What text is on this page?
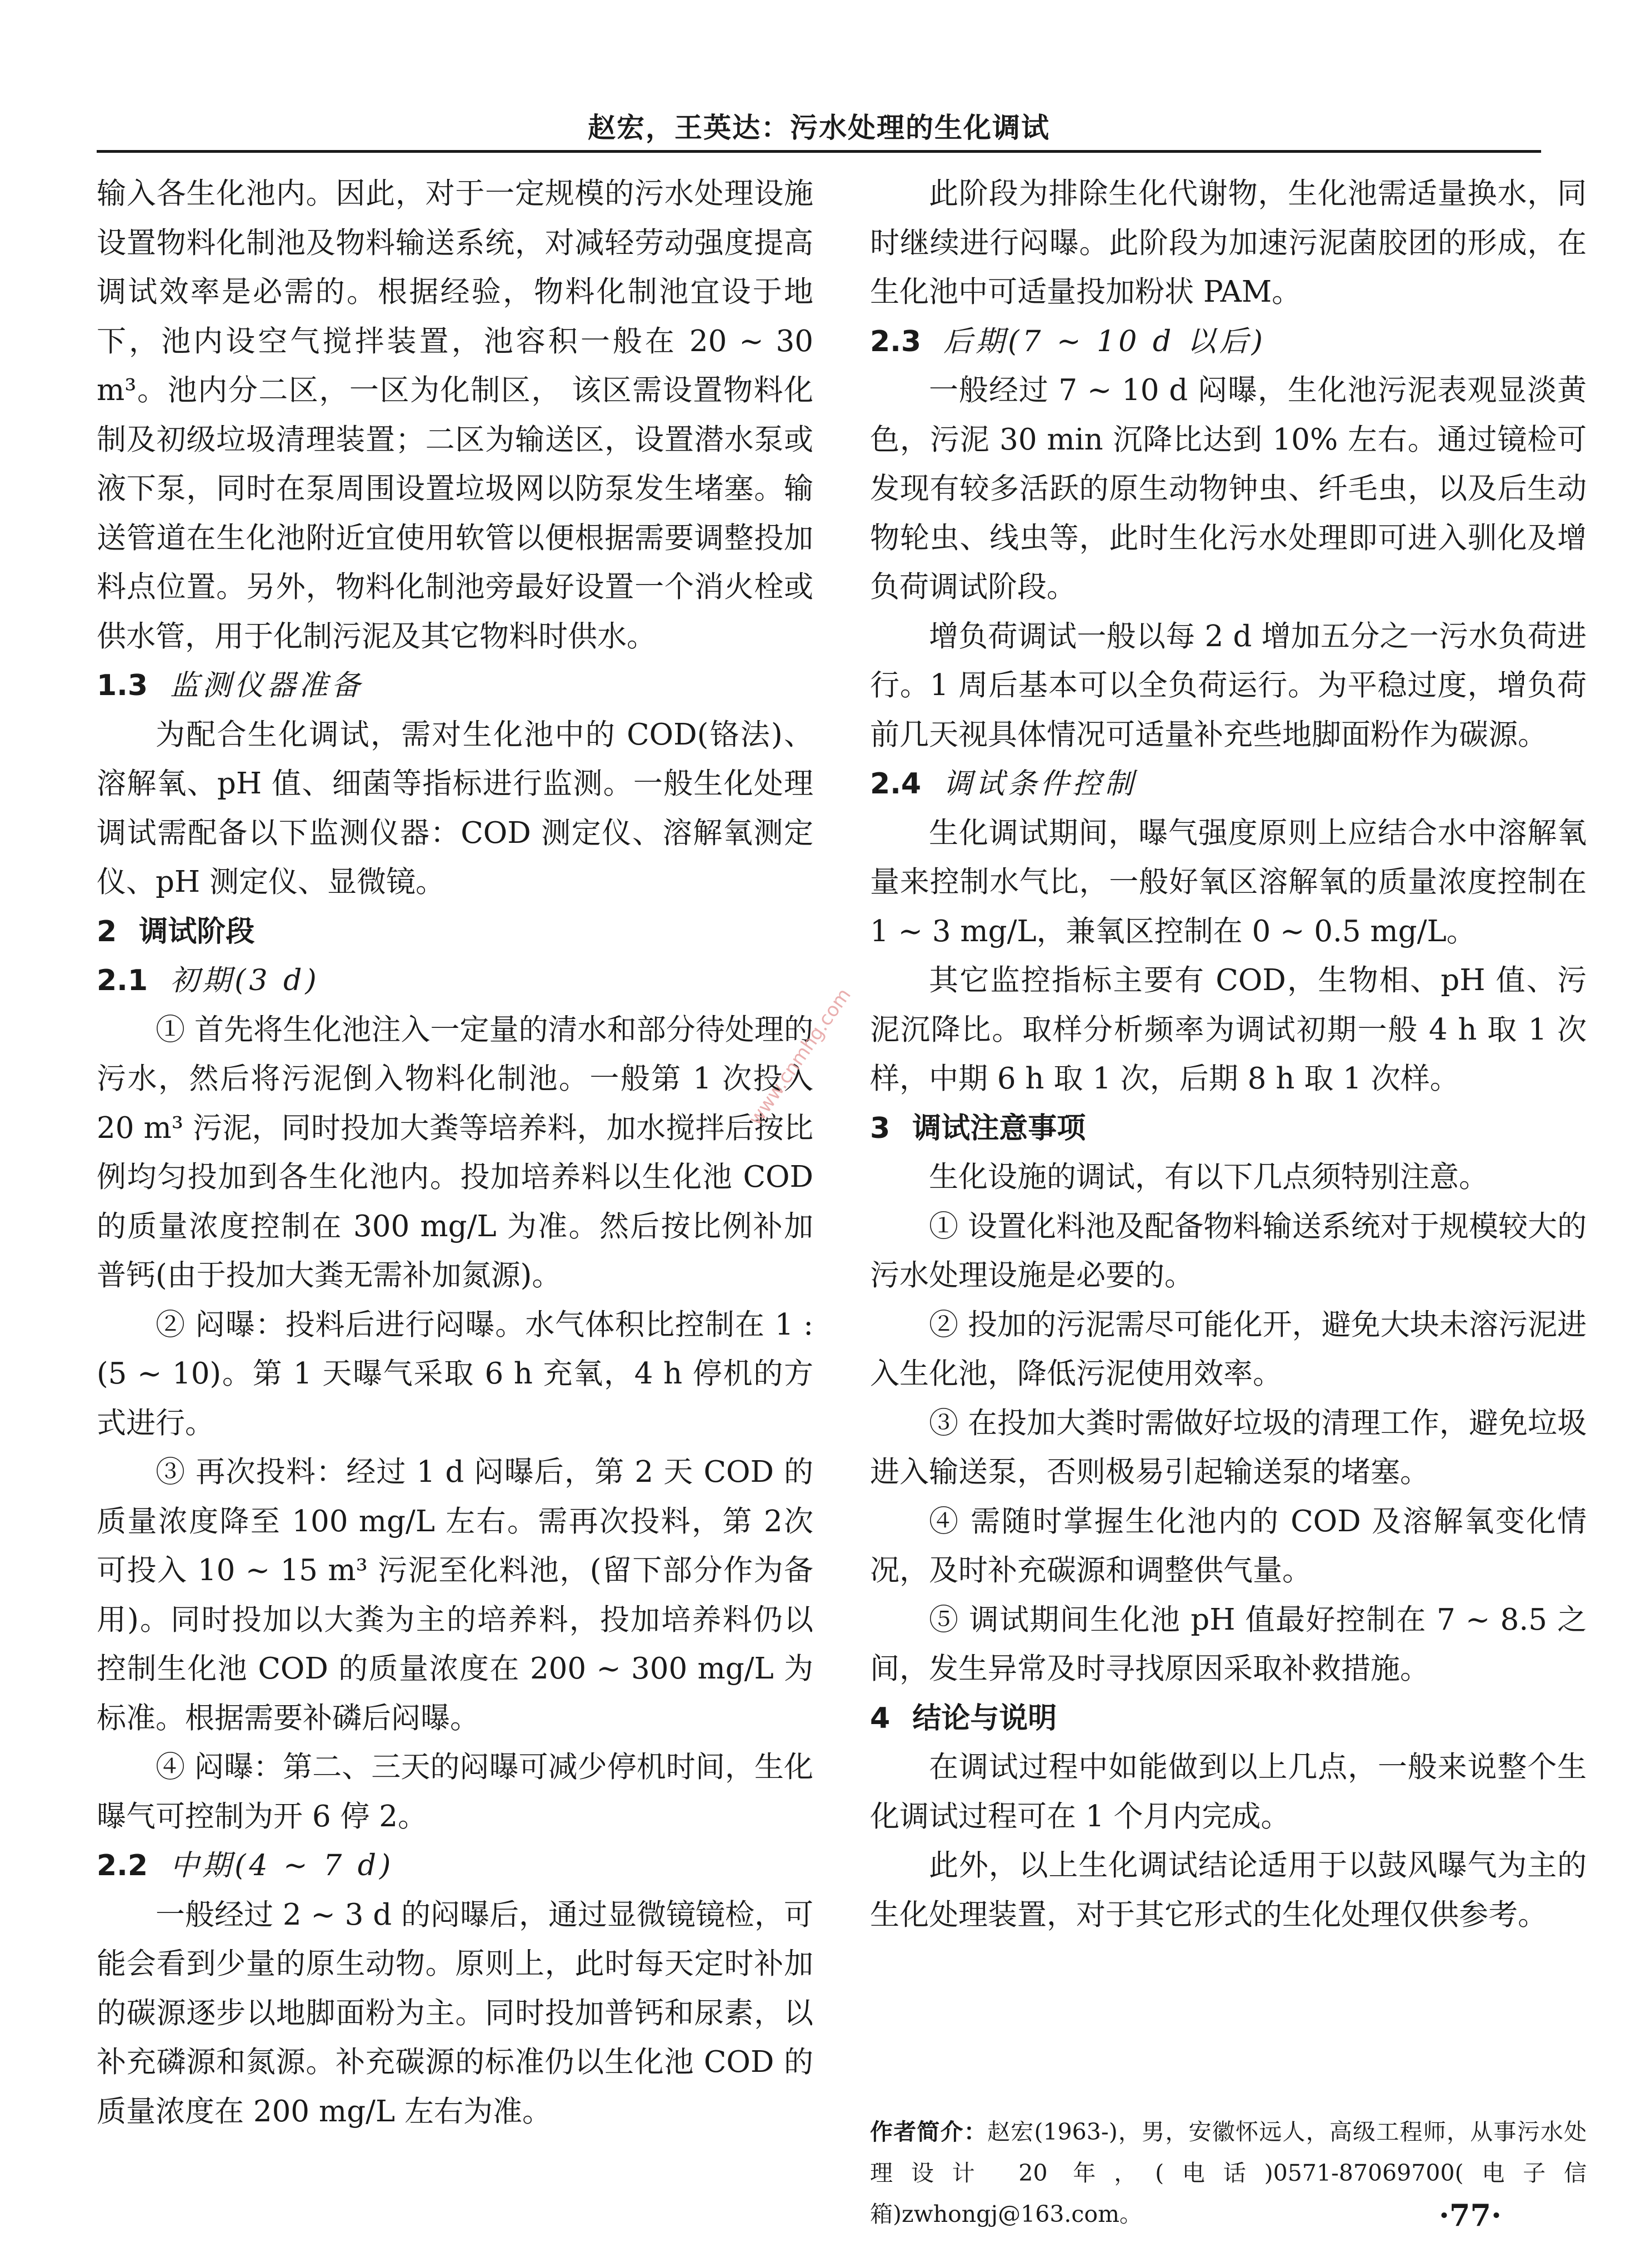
赵宏，王英达：污水处理的生化调试

输入各生化池内。因此，对于一定规模的污水处理设施设置物料化制池及物料输送系统，对减轻劳动强度提高调试效率是必需的。根据经验，物料化制池宜设于地下，池内设空气搅拌装置，池容积一般在 20 ~ 30 m³。池内分二区，一区为化制区， 该区需设置物料化制及初级垃圾清理装置；二区为输送区，设置潜水泵或液下泵，同时在泵周围设置垃圾网以防泵发生堵塞。输送管道在生化池附近宜使用软管以便根据需要调整投加料点位置。另外，物料化制池旁最好设置一个消火栓或供水管，用于化制污泥及其它物料时供水。

1.3 监测仪器准备

为配合生化调试，需对生化池中的 COD(铬法)、溶解氧、pH 值、细菌等指标进行监测。一般生化处理调试需配备以下监测仪器：COD 测定仪、溶解氧测定仪、pH 测定仪、显微镜。

2 调试阶段

2.1 初期(3 d)

① 首先将生化池注入一定量的清水和部分待处理的污水，然后将污泥倒入物料化制池。一般第 1 次投入 20 m³ 污泥，同时投加大粪等培养料，加水搅拌后按比例均匀投加到各生化池内。投加培养料以生化池 COD 的质量浓度控制在 300 mg/L 为准。然后按比例补加普钙(由于投加大粪无需补加氮源)。

② 闷曝：投料后进行闷曝。水气体积比控制在 1 : (5 ~ 10)。第 1 天曝气采取 6 h 充氧，4 h 停机的方式进行。

③ 再次投料：经过 1 d 闷曝后，第 2 天 COD 的质量浓度降至 100 mg/L 左右。需再次投料，第 2次可投入 10 ~ 15 m³ 污泥至化料池，(留下部分作为备用)。同时投加以大粪为主的培养料，投加培养料仍以控制生化池 COD 的质量浓度在 200 ~ 300 mg/L 为标准。根据需要补磷后闷曝。

④ 闷曝：第二、三天的闷曝可减少停机时间，生化曝气可控制为开 6 停 2。

2.2 中期(4 ~ 7 d)

一般经过 2 ~ 3 d 的闷曝后，通过显微镜镜检，可能会看到少量的原生动物。原则上，此时每天定时补加的碳源逐步以地脚面粉为主。同时投加普钙和尿素，以补充磷源和氮源。补充碳源的标准仍以生化池 COD 的质量浓度在 200 mg/L 左右为准。

此阶段为排除生化代谢物，生化池需适量换水，同时继续进行闷曝。此阶段为加速污泥菌胶团的形成，在生化池中可适量投加粉状 PAM。

2.3 后期(7 ~ 10 d 以后)

一般经过 7 ~ 10 d 闷曝，生化池污泥表观显淡黄色，污泥 30 min 沉降比达到 10% 左右。通过镜检可发现有较多活跃的原生动物钟虫、纤毛虫，以及后生动物轮虫、线虫等，此时生化污水处理即可进入驯化及增负荷调试阶段。

增负荷调试一般以每 2 d 增加五分之一污水负荷进行。1 周后基本可以全负荷运行。为平稳过度，增负荷前几天视具体情况可适量补充些地脚面粉作为碳源。

2.4 调试条件控制

生化调试期间，曝气强度原则上应结合水中溶解氧量来控制水气比，一般好氧区溶解氧的质量浓度控制在 1 ~ 3 mg/L，兼氧区控制在 0 ~ 0.5 mg/L。

其它监控指标主要有 COD，生物相、pH 值、污泥沉降比。取样分析频率为调试初期一般 4 h 取 1 次样，中期 6 h 取 1 次，后期 8 h 取 1 次样。

3 调试注意事项

生化设施的调试，有以下几点须特别注意。

① 设置化料池及配备物料输送系统对于规模较大的污水处理设施是必要的。

② 投加的污泥需尽可能化开，避免大块未溶污泥进入生化池，降低污泥使用效率。

③ 在投加大粪时需做好垃圾的清理工作，避免垃圾进入输送泵，否则极易引起输送泵的堵塞。

④ 需随时掌握生化池内的 COD 及溶解氧变化情况，及时补充碳源和调整供气量。

⑤ 调试期间生化池 pH 值最好控制在 7 ~ 8.5 之间，发生异常及时寻找原因采取补救措施。

4 结论与说明

在调试过程中如能做到以上几点，一般来说整个生化调试过程可在 1 个月内完成。

此外，以上生化调试结论适用于以鼓风曝气为主的生化处理装置，对于其它形式的生化处理仅供参考。

作者简介：赵宏(1963-)，男，安徽怀远人，高级工程师，从事污水处理设计 20 年，(电话)0571-87069700(电子信箱)zwhongj@163.com。
www.cnmhg.com
·77·
